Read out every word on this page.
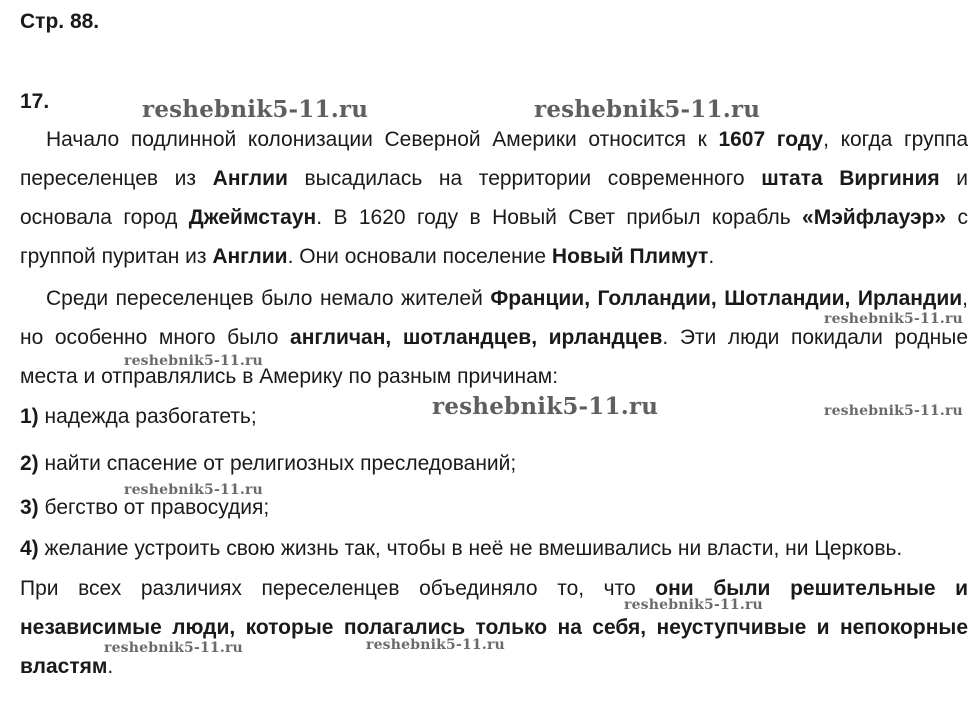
Стр. 88.
17.

Начало подлинной колонизации Северной Америки относится к 1607 году, когда группа переселенцев из Англии высадилась на территории современного штата Виргиния и основала город Джеймстаун. В 1620 году в Новый Свет прибыл корабль «Мэйфлауэр» с группой пуритан из Англии. Они основали поселение Новый Плимут.

Среди переселенцев было немало жителей Франции, Голландии, Шотландии, Ирландии, но особенно много было англичан, шотландцев, ирландцев. Эти люди покидали родные места и отправлялись в Америку по разным причинам:

1) надежда разбогатеть;
2) найти спасение от религиозных преследований;
3) бегство от правосудия;
4) желание устроить свою жизнь так, чтобы в неё не вмешивались ни власти, ни Церковь.

При всех различиях переселенцев объединяло то, что они были решительные и независимые люди, которые полагались только на себя, неуступчивые и непокорные властям.

reshebnik5-11.ru	reshebnik5-11.ru
reshebnik5-11.ru
reshebnik5-11.ru
reshebnik5-11.ru	reshebnik5-11.ru
reshebnik5-11.ru
reshebnik5-11.ru
reshebnik5-11.ru	reshebnik5-11.ru
